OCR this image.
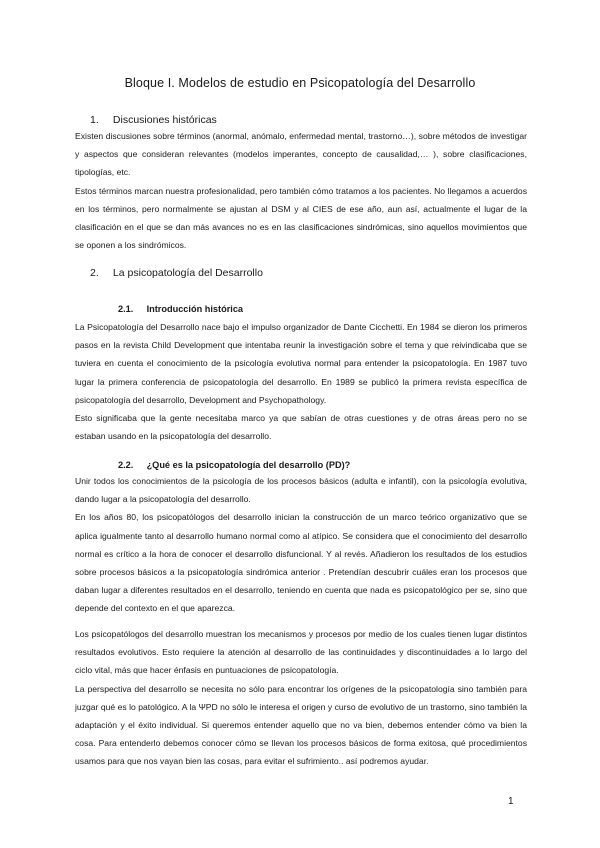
Bloque I. Modelos de estudio en Psicopatología del Desarrollo
1. Discusiones históricas

Existen discusiones sobre términos (anormal, anómalo, enfermedad mental, trastorno…), sobre métodos de investigar y aspectos que consideran relevantes (modelos imperantes, concepto de causalidad,… ), sobre clasificaciones, tipologías, etc.

Estos términos marcan nuestra profesionalidad, pero también cómo tratamos a los pacientes. No llegamos a acuerdos en los términos, pero normalmente se ajustan al DSM y al CIES de ese año, aun así, actualmente el lugar de la clasificación en el que se dan más avances no es en las clasificaciones sindrómicas, sino aquellos movimientos que se oponen a los sindrómicos.

2. La psicopatología del Desarrollo
2.1. Introducción histórica

La Psicopatología del Desarrollo nace bajo el impulso organizador de Dante Cicchetti. En 1984 se dieron los primeros pasos en la revista Child Development que intentaba reunir la investigación sobre el tema y que reivindicaba que se tuviera en cuenta el conocimiento de la psicología evolutiva normal para entender la psicopatología. En 1987 tuvo lugar la primera conferencia de psicopatología del desarrollo. En 1989 se publicó la primera revista específica de psicopatología del desarrollo, Development and Psychopathology.

Esto significaba que la gente necesitaba marco ya que sabían de otras cuestiones y de otras áreas pero no se estaban usando en la psicopatología del desarrollo.

2.2. ¿Qué es la psicopatología del desarrollo (PD)?

Unir todos los conocimientos de la psicología de los procesos básicos (adulta e infantil), con la psicología evolutiva, dando lugar a la psicopatología del desarrollo.

En los años 80, los psicopatólogos del desarrollo inician la construcción de un marco teórico organizativo que se aplica igualmente tanto al desarrollo humano normal como al atípico. Se considera que el conocimiento del desarrollo normal es crítico a la hora de conocer el desarrollo disfuncional. Y al revés. Añadieron los resultados de los estudios sobre procesos básicos a la psicopatología sindrómica anterior . Pretendían descubrir cuáles eran los procesos que daban lugar a diferentes resultados en el desarrollo, teniendo en cuenta que nada es psicopatológico per se, sino que depende del contexto en el que aparezca.

Los psicopatólogos del desarrollo muestran los mecanismos y procesos por medio de los cuales tienen lugar distintos resultados evolutivos. Esto requiere la atención al desarrollo de las continuidades y discontinuidades a lo largo del ciclo vital, más que hacer énfasis en puntuaciones de psicopatología.

La perspectiva del desarrollo se necesita no sólo para encontrar los orígenes de la psicopatología sino también para juzgar qué es lo patológico. A la ΨPD no sólo le interesa el origen y curso de evolutivo de un trastorno, sino también la adaptación y el éxito individual. Si queremos entender aquello que no va bien, debemos entender cómo va bien la cosa. Para entenderlo debemos conocer cómo se llevan los procesos básicos de forma exitosa, qué procedimientos usamos para que nos vayan bien las cosas, para evitar el sufrimiento.. así podremos ayudar.

1
